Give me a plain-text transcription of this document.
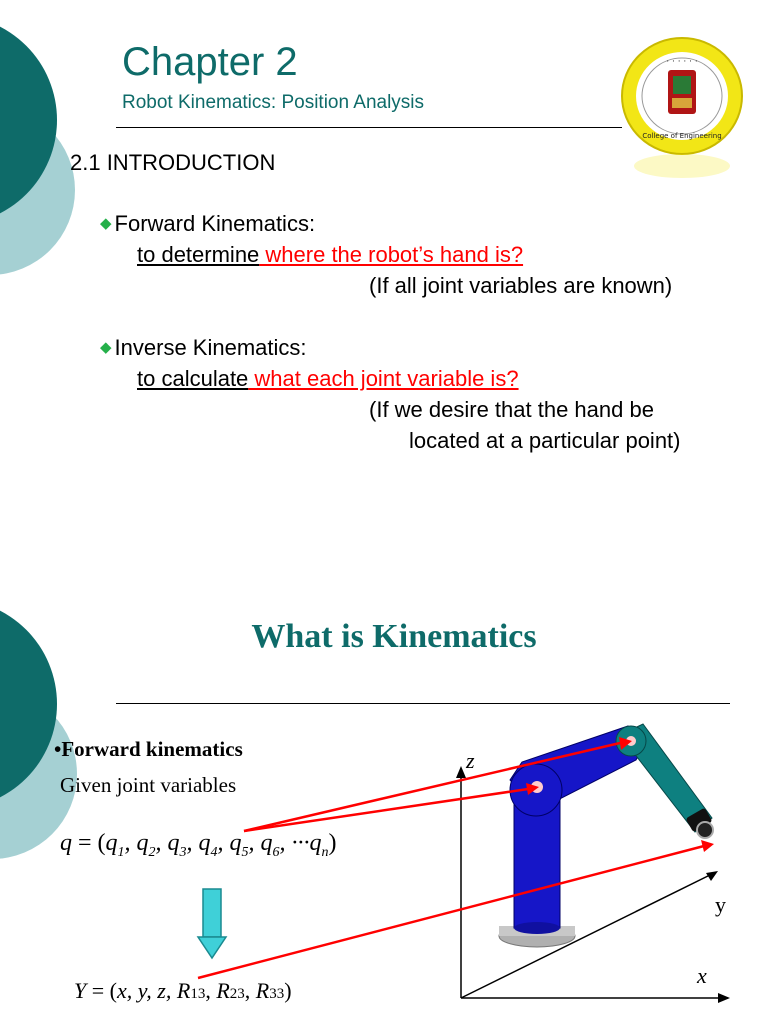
Chapter 2
Robot Kinematics: Position Analysis
· · · · · ·
College of Engineering
2.1 INTRODUCTION
◆ Forward Kinematics:
to determine where the robot’s hand is?
(If all joint variables are known)
◆ Inverse Kinematics:
to calculate what each joint variable is?
(If we desire that the hand be
located at a particular point)
What is Kinematics
•Forward kinematics
Given joint variables
$q = (q_1$, $q_2$, $q_3$, $q_4$, $q_5$, $q_6$, $\cdot\cdot\cdot q_n$)
z
y
x
Y = (x, y, z, R13, R23, R33)
